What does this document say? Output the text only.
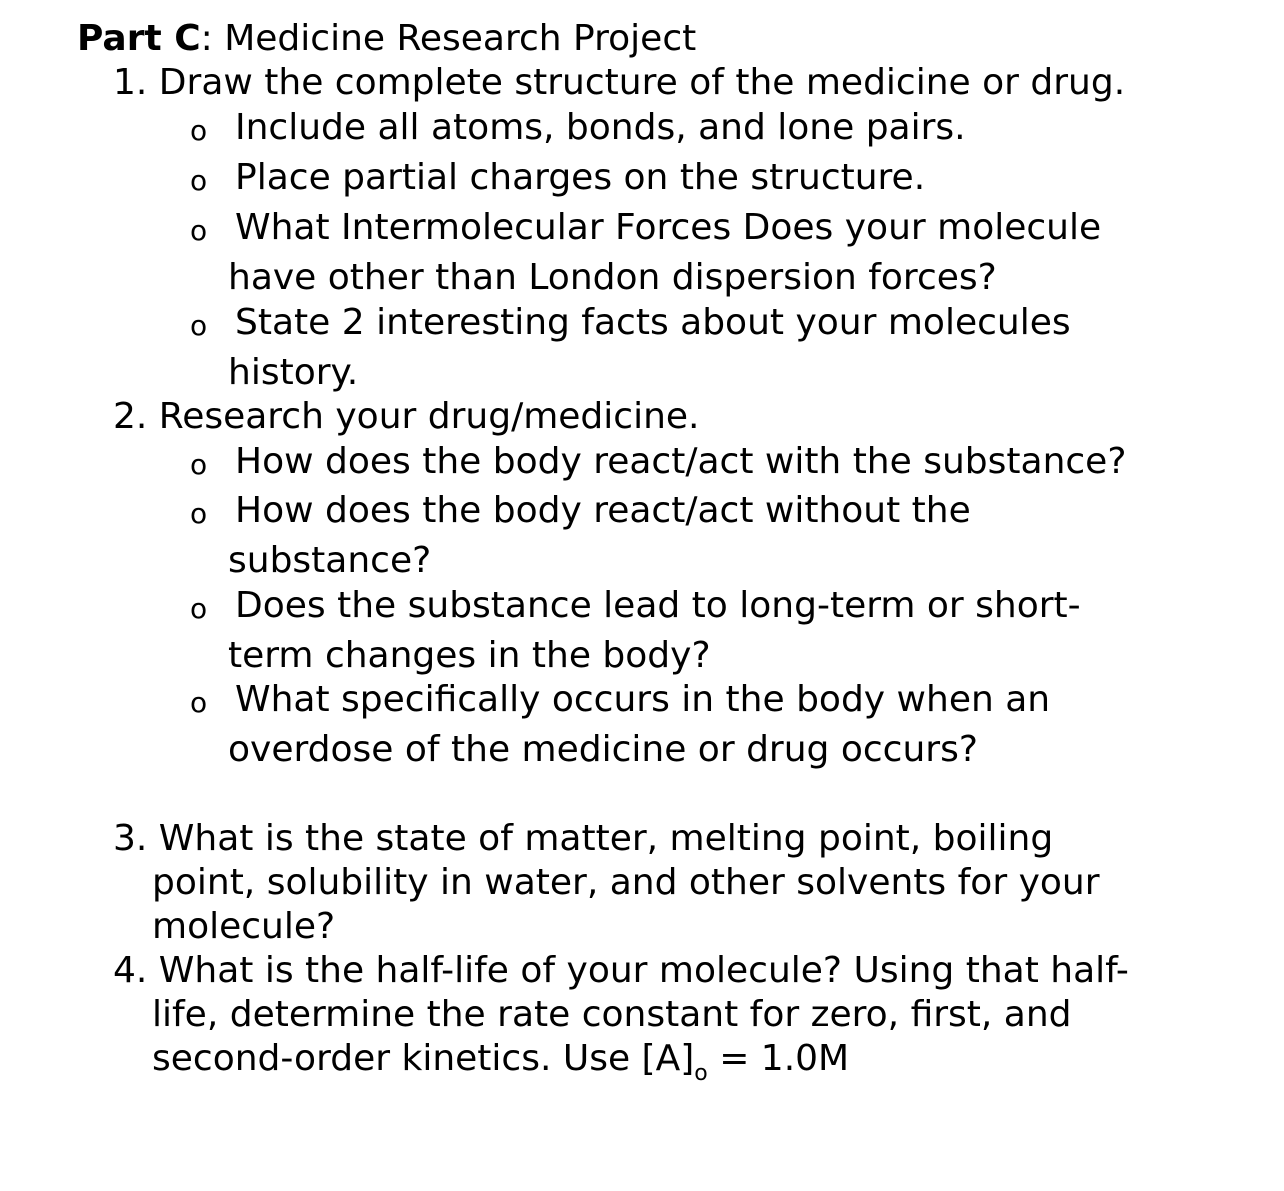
Part C: Medicine Research Project
1. Draw the complete structure of the medicine or drug.
o Include all atoms, bonds, and lone pairs.
o Place partial charges on the structure.
o What Intermolecular Forces Does your molecule
have other than London dispersion forces?
o State 2 interesting facts about your molecules
history.
2. Research your drug/medicine.
o How does the body react/act with the substance?
o How does the body react/act without the
substance?
o Does the substance lead to long-term or short-
term changes in the body?
o What specifically occurs in the body when an
overdose of the medicine or drug occurs?
3. What is the state of matter, melting point, boiling
point, solubility in water, and other solvents for your
molecule?
4. What is the half-life of your molecule? Using that half-
life, determine the rate constant for zero, first, and
second-order kinetics. Use $[A]_o = 1.0M$
